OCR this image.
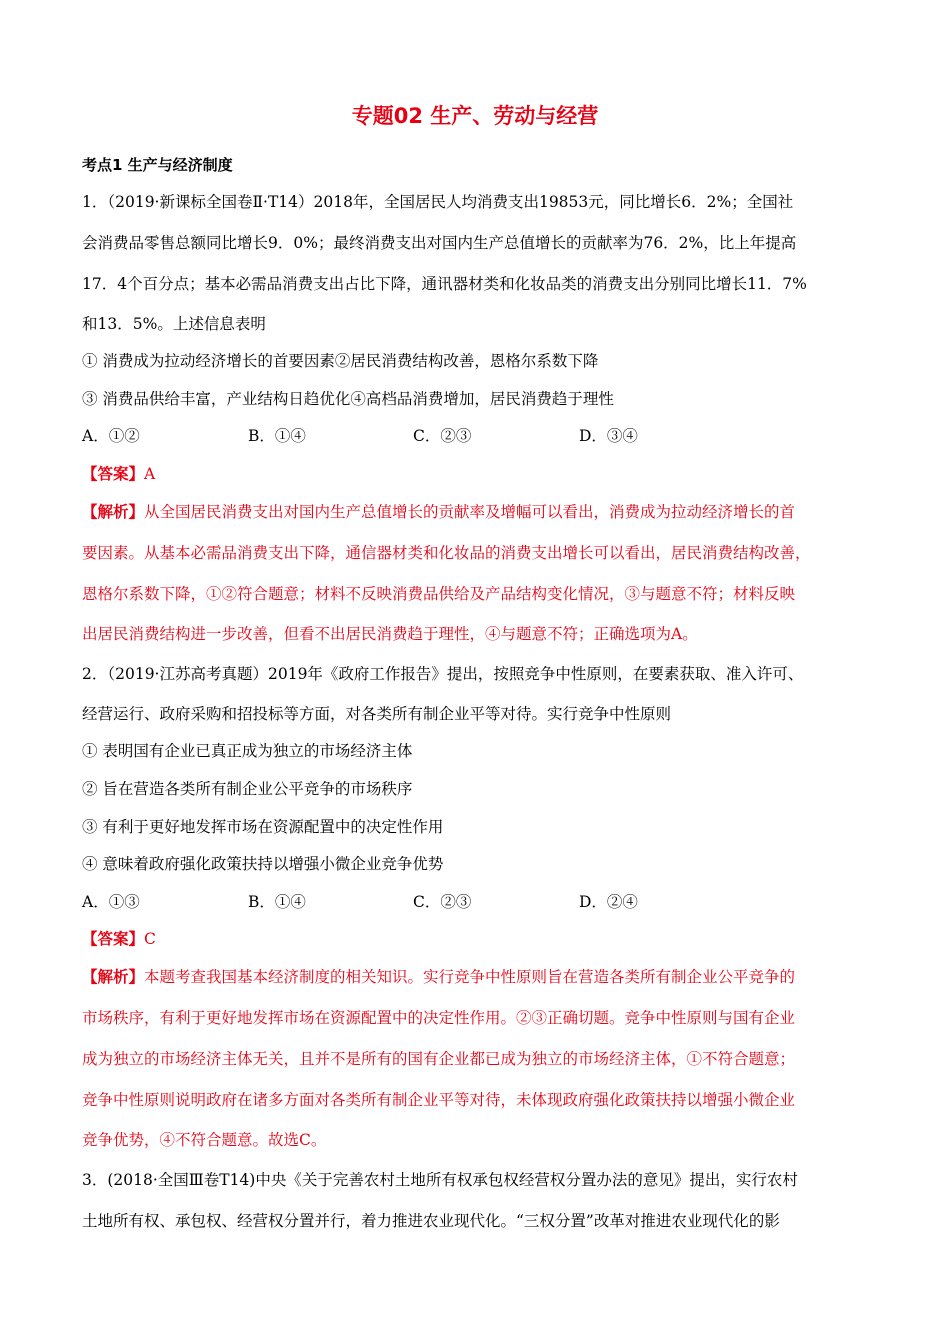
专题02 生产、劳动与经营
考点1 生产与经济制度
1．（2019·新课标全国卷Ⅱ·T14）2018年，全国居民人均消费支出19853元，同比增长6．2%；全国社
会消费品零售总额同比增长9．0%；最终消费支出对国内生产总值增长的贡献率为76．2%，比上年提高
17．4个百分点；基本必需品消费支出占比下降，通讯器材类和化妆品类的消费支出分别同比增长11．7%
和13．5%。上述信息表明
① 消费成为拉动经济增长的首要因素②居民消费结构改善，恩格尔系数下降
③ 消费品供给丰富，产业结构日趋优化④高档品消费增加，居民消费趋于理性
A．①②	B．①④	C．②③	D．③④
【答案】A
【解析】从全国居民消费支出对国内生产总值增长的贡献率及增幅可以看出，消费成为拉动经济增长的首
要因素。从基本必需品消费支出下降，通信器材类和化妆品的消费支出增长可以看出，居民消费结构改善，
恩格尔系数下降，①②符合题意；材料不反映消费品供给及产品结构变化情况，③与题意不符；材料反映
出居民消费结构进一步改善，但看不出居民消费趋于理性，④与题意不符；正确选项为A。
2．（2019·江苏高考真题）2019年《政府工作报告》提出，按照竞争中性原则，在要素获取、准入许可、
经营运行、政府采购和招投标等方面，对各类所有制企业平等对待。实行竞争中性原则
① 表明国有企业已真正成为独立的市场经济主体
② 旨在营造各类所有制企业公平竞争的市场秩序
③ 有利于更好地发挥市场在资源配置中的决定性作用
④ 意味着政府强化政策扶持以增强小微企业竞争优势
A．①③	B．①④	C．②③	D．②④
【答案】C
【解析】本题考查我国基本经济制度的相关知识。实行竞争中性原则旨在营造各类所有制企业公平竞争的
市场秩序，有利于更好地发挥市场在资源配置中的决定性作用。②③正确切题。竞争中性原则与国有企业
成为独立的市场经济主体无关，且并不是所有的国有企业都已成为独立的市场经济主体，①不符合题意；
竞争中性原则说明政府在诸多方面对各类所有制企业平等对待，未体现政府强化政策扶持以增强小微企业
竞争优势，④不符合题意。故选C。
3．(2018·全国Ⅲ卷T14)中央《关于完善农村土地所有权承包权经营权分置办法的意见》提出，实行农村
土地所有权、承包权、经营权分置并行，着力推进农业现代化。“三权分置”改革对推进农业现代化的影
